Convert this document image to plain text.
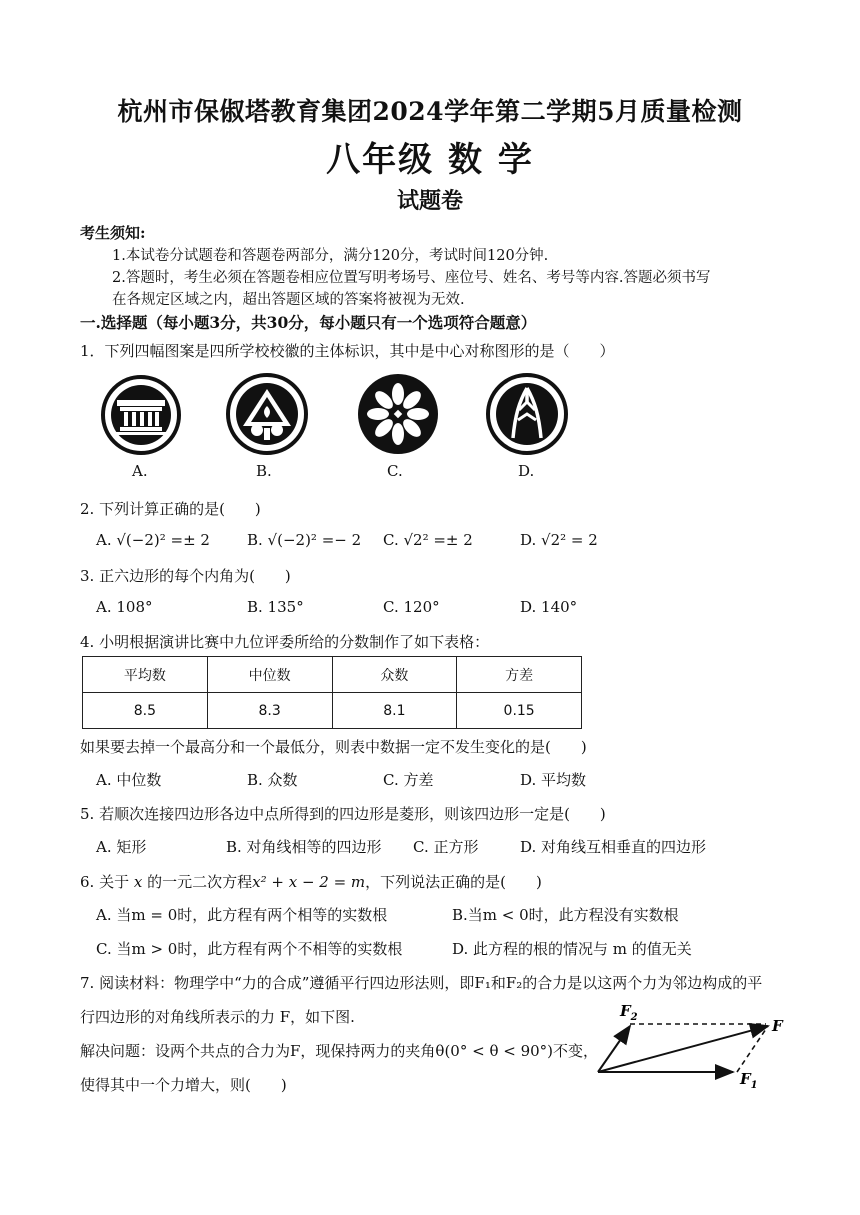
杭州市保俶塔教育集团2024学年第二学期5月质量检测
八年级 数 学
试题卷
考生须知:
1.本试卷分试题卷和答题卷两部分，满分120分，考试时间120分钟.
2.答题时，考生必须在答题卷相应位置写明考场号、座位号、姓名、考号等内容.答题必须书写
在各规定区域之内，超出答题区域的答案将被视为无效.
一.选择题（每小题3分，共30分，每小题只有一个选项符合题意）
1．下列四幅图案是四所学校校徽的主体标识，其中是中心对称图形的是（　　）
A.	B.	C.	D.
2. 下列计算正确的是(　　)
A. √(−2)² =± 2 B. √(−2)² =− 2 C. √2² =± 2	D. √2² = 2
3. 正六边形的每个内角为(　　)
A. 108°	B. 135°	C. 120°	D. 140°
4. 小明根据演讲比赛中九位评委所给的分数制作了如下表格：
平均数	中位数	众数	方差
8.5	8.3	8.1	0.15
如果要去掉一个最高分和一个最低分，则表中数据一定不发生变化的是(　　)
A. 中位数	B. 众数	C. 方差	D. 平均数
5. 若顺次连接四边形各边中点所得到的四边形是菱形，则该四边形一定是(　　)
A. 矩形	B. 对角线相等的四边形 C. 正方形	D. 对角线互相垂直的四边形
6. 关于 x 的一元二次方程x² + x − 2 = m，下列说法正确的是(　　)
A. 当m = 0时，此方程有两个相等的实数根	B.当m < 0时，此方程没有实数根
C. 当m > 0时，此方程有两个不相等的实数根	D. 此方程的根的情况与 m 的值无关
7. 阅读材料：物理学中“力的合成”遵循平行四边形法则，即F₁和F₂的合力是以这两个力为邻边构成的平
行四边形的对角线所表示的力 F，如下图.
解决问题：设两个共点的合力为F，现保持两力的夹角θ(0° < θ < 90°)不变，
使得其中一个力增大，则(　　)
$F_2$	F
$F_1$
